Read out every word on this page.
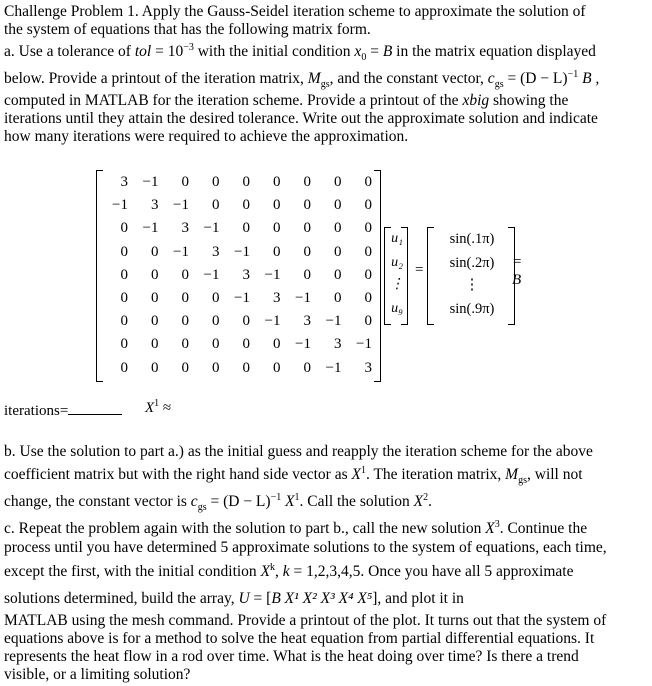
Challenge Problem 1. Apply the Gauss-Seidel iteration scheme to approximate the solution of

the system of equations that has the following matrix form.

a. Use a tolerance of tol = $10^{-3}$ with the initial condition $x_0 = B$ in the matrix equation displayed

below. Provide a printout of the iteration matrix, $M_{gs}$, and the constant vector, $c_{gs} = (D - L)^{-1}$ B ,

computed in MATLAB for the iteration scheme. Provide a printout of the xbig showing the

iterations until they attain the desired tolerance. Write out the approximate solution and indicate

how many iterations were required to achieve the approximation.

3 −1	0	0	0	0	0	0	0
−1	3 −1	0	0	0	0	0	0
0 −1	3 −1	0	0	0	0	0
0	0 −1	3 −1	0	0	0	0
0	0	0 −1	3 −1	0	0	0
0	0	0	0 −1	3 −1	0	0
0	0	0	0	0 −1	3 −1	0
0	0	0	0	0	0 −1	3 −1
0	0	0	0	0	0	0 −1	3
u₁
u₂
⋮
u₉
=
sin(.1π)
sin(.2π)
⋮
sin(.9π)
= B
iterations=	$X^1$ ≈

b. Use the solution to part a.) as the initial guess and reapply the iteration scheme for the above

coefficient matrix but with the right hand side vector as $X^1$. The iteration matrix, $M_{gs}$, will not

change, the constant vector is $c_{gs} = (D - L)^{-1}$ $X^1$. Call the solution $X^2$.

c. Repeat the problem again with the solution to part b., call the new solution $X^3$. Continue the

process until you have determined 5 approximate solutions to the system of equations, each time,

except the first, with the initial condition $X^k$, k = 1,2,3,4,5. Once you have all 5 approximate

solutions determined, build the array, U = [B X¹ X² X³ X⁴ X⁵], and plot it in

MATLAB using the mesh command. Provide a printout of the plot. It turns out that the system of

equations above is for a method to solve the heat equation from partial differential equations. It

represents the heat flow in a rod over time. What is the heat doing over time? Is there a trend

visible, or a limiting solution?
